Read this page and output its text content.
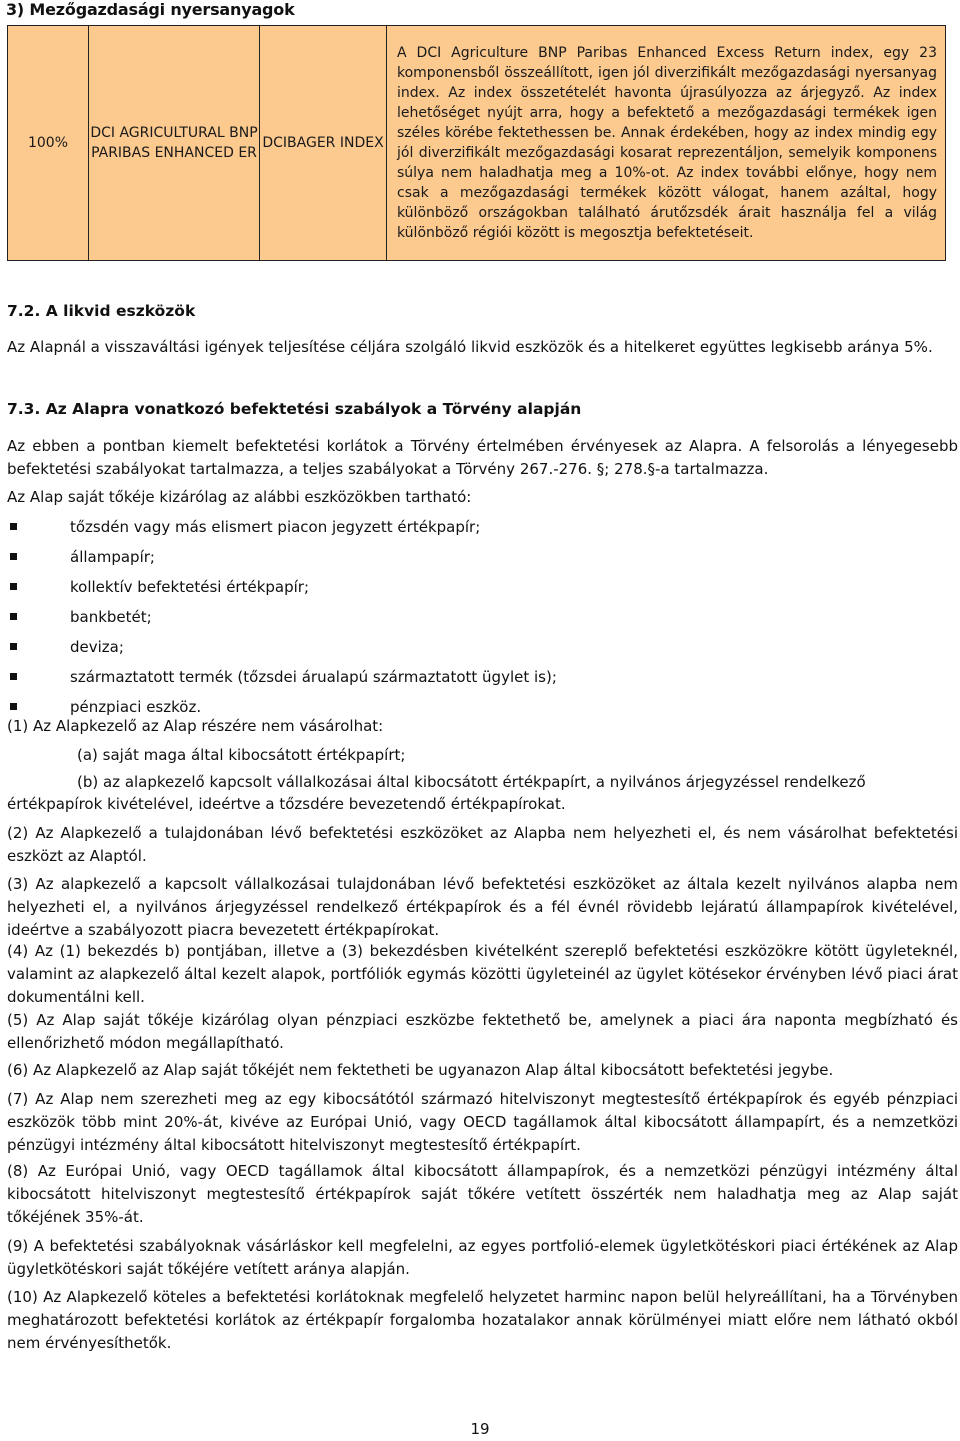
3) Mezőgazdasági nyersanyagok
100%	DCI AGRICULTURAL BNP PARIBAS ENHANCED ER	DCIBAGER INDEX	A DCI Agriculture BNP Paribas Enhanced Excess Return index, egy 23 komponensből összeállított, igen jól diverzifikált mezőgazdasági nyersanyag index. Az index összetételét havonta újrasúlyozza az árjegyző. Az index lehetőséget nyújt arra, hogy a befektető a mezőgazdasági termékek igen széles körébe fektethessen be. Annak érdekében, hogy az index mindig egy jól diverzifikált mezőgazdasági kosarat reprezentáljon, semelyik komponens súlya nem haladhatja meg a 10%-ot. Az index további előnye, hogy nem csak a mezőgazdasági termékek között válogat, hanem azáltal, hogy különböző országokban található árutőzsdék árait használja fel a világ különböző régiói között is megosztja befektetéseit.
7.2. A likvid eszközök
Az Alapnál a visszaváltási igények teljesítése céljára szolgáló likvid eszközök és a hitelkeret együttes legkisebb aránya 5%.
7.3. Az Alapra vonatkozó befektetési szabályok a Törvény alapján
Az ebben a pontban kiemelt befektetési korlátok a Törvény értelmében érvényesek az Alapra. A felsorolás a lényegesebb befektetési szabályokat tartalmazza, a teljes szabályokat a Törvény 267.-276. §; 278.§-a tartalmazza.
Az Alap saját tőkéje kizárólag az alábbi eszközökben tartható:
tőzsdén vagy más elismert piacon jegyzett értékpapír;
állampapír;
kollektív befektetési értékpapír;
bankbetét;
deviza;
származtatott termék (tőzsdei árualapú származtatott ügylet is);
pénzpiaci eszköz.
(1) Az Alapkezelő az Alap részére nem vásárolhat:
(a) saját maga által kibocsátott értékpapírt;
(b) az alapkezelő kapcsolt vállalkozásai által kibocsátott értékpapírt, a nyilvános árjegyzéssel rendelkező
értékpapírok kivételével, ideértve a tőzsdére bevezetendő értékpapírokat.
(2) Az Alapkezelő a tulajdonában lévő befektetési eszközöket az Alapba nem helyezheti el, és nem vásárolhat befektetési eszközt az Alaptól.
(3) Az alapkezelő a kapcsolt vállalkozásai tulajdonában lévő befektetési eszközöket az általa kezelt nyilvános alapba nem helyezheti el, a nyilvános árjegyzéssel rendelkező értékpapírok és a fél évnél rövidebb lejáratú állampapírok kivételével, ideértve a szabályozott piacra bevezetett értékpapírokat.
(4) Az (1) bekezdés b) pontjában, illetve a (3) bekezdésben kivételként szereplő befektetési eszközökre kötött ügyleteknél, valamint az alapkezelő által kezelt alapok, portfóliók egymás közötti ügyleteinél az ügylet kötésekor érvényben lévő piaci árat dokumentálni kell.
(5) Az Alap saját tőkéje kizárólag olyan pénzpiaci eszközbe fektethető be, amelynek a piaci ára naponta megbízható és ellenőrizhető módon megállapítható.
(6) Az Alapkezelő az Alap saját tőkéjét nem fektetheti be ugyanazon Alap által kibocsátott befektetési jegybe.
(7) Az Alap nem szerezheti meg az egy kibocsátótól származó hitelviszonyt megtestesítő értékpapírok és egyéb pénzpiaci eszközök több mint 20%-át, kivéve az Európai Unió, vagy OECD tagállamok által kibocsátott állampapírt, és a nemzetközi pénzügyi intézmény által kibocsátott hitelviszonyt megtestesítő értékpapírt.
(8) Az Európai Unió, vagy OECD tagállamok által kibocsátott állampapírok, és a nemzetközi pénzügyi intézmény által kibocsátott hitelviszonyt megtestesítő értékpapírok saját tőkére vetített összérték nem haladhatja meg az Alap saját tőkéjének 35%-át.
(9) A befektetési szabályoknak vásárláskor kell megfelelni, az egyes portfolió-elemek ügyletkötéskori piaci értékének az Alap ügyletkötéskori saját tőkéjére vetített aránya alapján.
(10) Az Alapkezelő köteles a befektetési korlátoknak megfelelő helyzetet harminc napon belül helyreállítani, ha a Törvényben meghatározott befektetési korlátok az értékpapír forgalomba hozatalakor annak körülményei miatt előre nem látható okból nem érvényesíthetők.
19
